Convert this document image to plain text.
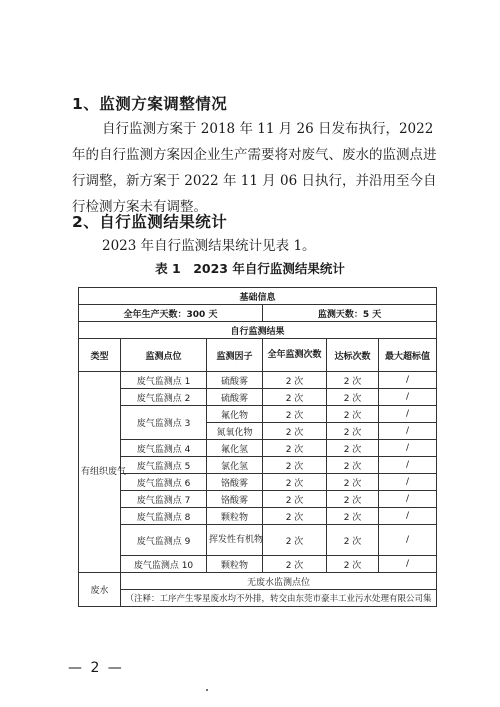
1、监测方案调整情况
自行监测方案于 2018 年 11 月 26 日发布执行，2022 年的自行监测方案因企业生产需要将对废气、废水的监测点进行调整，新方案于 2022 年 11 月 06 日执行，并沿用至今自行检测方案未有调整。
2、自行监测结果统计
2023 年自行监测结果统计见表 1。
表 1　2023 年自行监测结果统计
基础信息					
全年生产天数：300 天			监测天数：5 天		
自行监测结果					
类型	监测点位	监测因子	全年监测次数	达标次数	最大超标值
有组织废气	废气监测点 1	硫酸雾	2 次	2 次	/
	废气监测点 2	硫酸雾	2 次	2 次	/
	废气监测点 3	氟化物	2 次	2 次	/
		氮氧化物	2 次	2 次	/
	废气监测点 4	氟化氢	2 次	2 次	/
	废气监测点 5	氯化氢	2 次	2 次	/
	废气监测点 6	铬酸雾	2 次	2 次	/
	废气监测点 7	铬酸雾	2 次	2 次	/
	废气监测点 8	颗粒物	2 次	2 次	/
	废气监测点 9	挥发性有机物	2 次	2 次	/
	废气监测点 10	颗粒物	2 次	2 次	/
废水	无废水监测点位				
	（注释：工序产生零星废水均不外排，转交由东莞市豪丰工业污水处理有限公司集				
— 2 —
